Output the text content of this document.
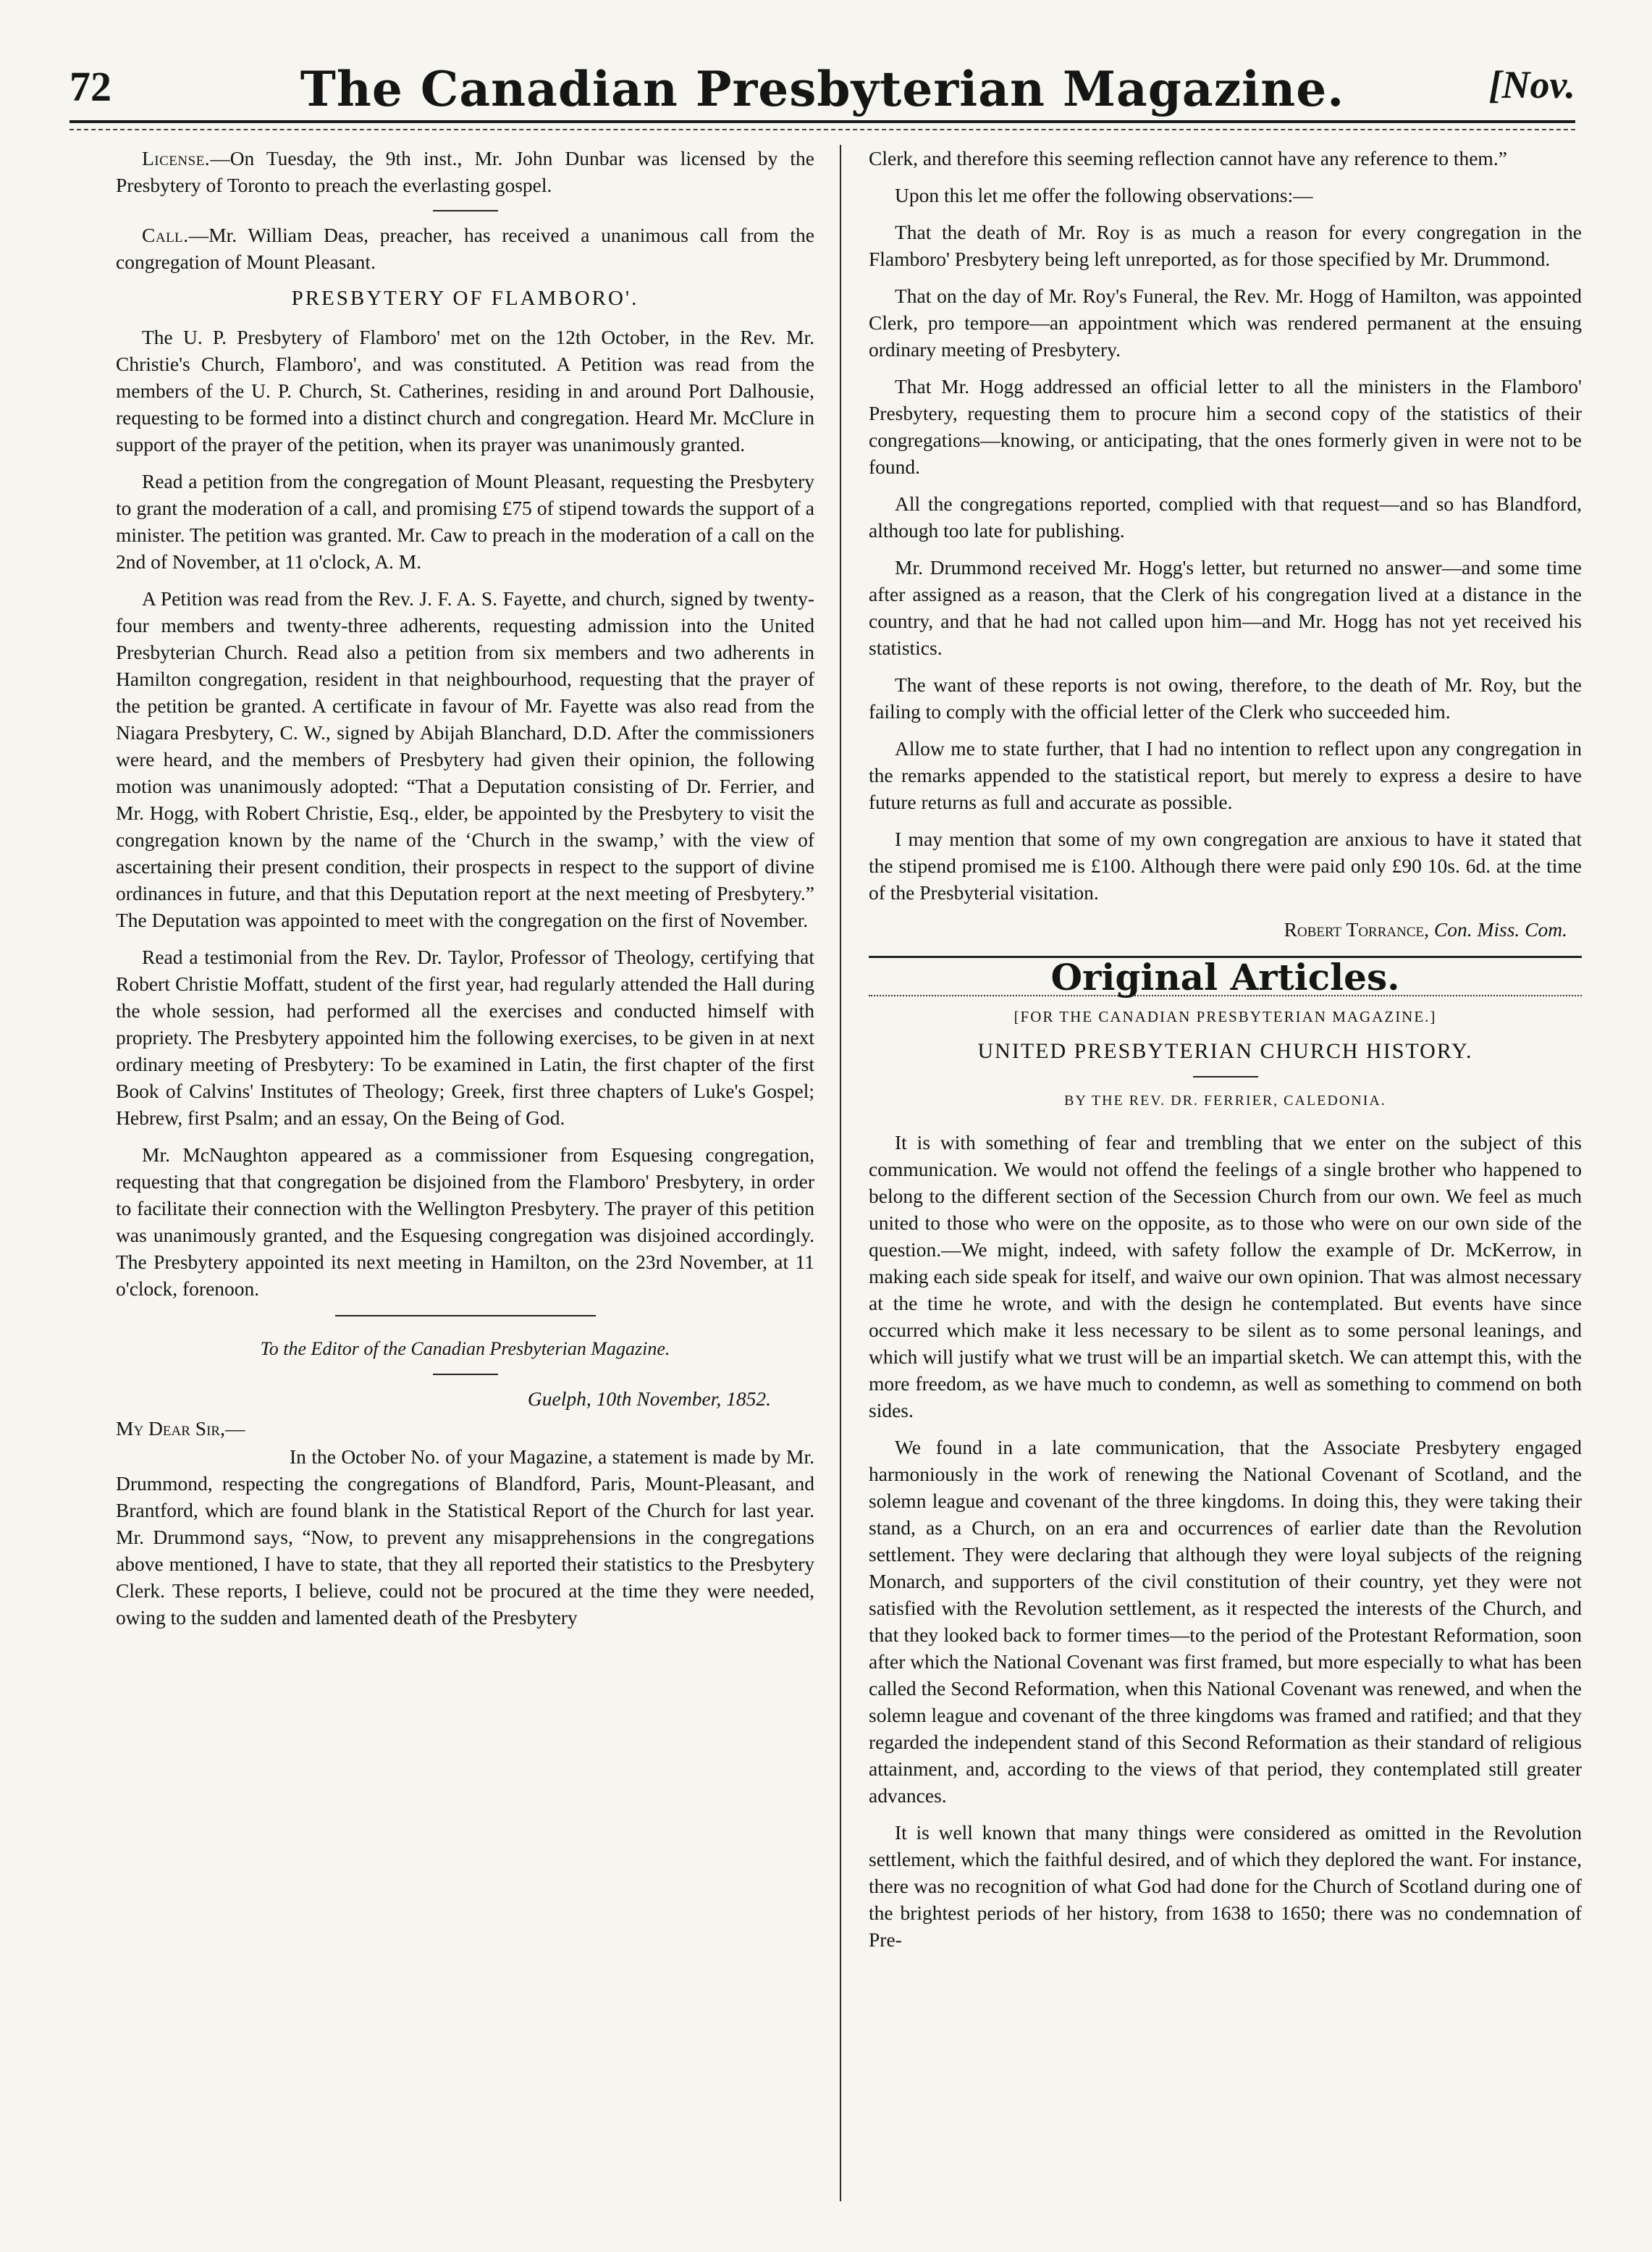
72	The Canadian Presbyterian Magazine.	[Nov.

License.—On Tuesday, the 9th inst., Mr. John Dunbar was licensed by the Presbytery of Toronto to preach the everlasting gospel.

Call.—Mr. William Deas, preacher, has received a unanimous call from the congregation of Mount Pleasant.

PRESBYTERY OF FLAMBORO'.

The U. P. Presbytery of Flamboro' met on the 12th October, in the Rev. Mr. Christie's Church, Flamboro', and was constituted. A Petition was read from the members of the U. P. Church, St. Catherines, residing in and around Port Dalhousie, requesting to be formed into a distinct church and congregation. Heard Mr. McClure in support of the prayer of the petition, when its prayer was unanimously granted.

Read a petition from the congregation of Mount Pleasant, requesting the Presbytery to grant the moderation of a call, and promising £75 of stipend towards the support of a minister. The petition was granted. Mr. Caw to preach in the moderation of a call on the 2nd of November, at 11 o'clock, A. M.

A Petition was read from the Rev. J. F. A. S. Fayette, and church, signed by twenty-four members and twenty-three adherents, requesting admission into the United Presbyterian Church. Read also a petition from six members and two adherents in Hamilton congregation, resident in that neighbourhood, requesting that the prayer of the petition be granted. A certificate in favour of Mr. Fayette was also read from the Niagara Presbytery, C. W., signed by Abijah Blanchard, D.D. After the commissioners were heard, and the members of Presbytery had given their opinion, the following motion was unanimously adopted: “That a Deputation consisting of Dr. Ferrier, and Mr. Hogg, with Robert Christie, Esq., elder, be appointed by the Presbytery to visit the congregation known by the name of the ‘Church in the swamp,’ with the view of ascertaining their present condition, their prospects in respect to the support of divine ordinances in future, and that this Deputation report at the next meeting of Presbytery.” The Deputation was appointed to meet with the congregation on the first of November.

Read a testimonial from the Rev. Dr. Taylor, Professor of Theology, certifying that Robert Christie Moffatt, student of the first year, had regularly attended the Hall during the whole session, had performed all the exercises and conducted himself with propriety. The Presbytery appointed him the following exercises, to be given in at next ordinary meeting of Presbytery: To be examined in Latin, the first chapter of the first Book of Calvins' Institutes of Theology; Greek, first three chapters of Luke's Gospel; Hebrew, first Psalm; and an essay, On the Being of God.

Mr. McNaughton appeared as a commissioner from Esquesing congregation, requesting that that congregation be disjoined from the Flamboro' Presbytery, in order to facilitate their connection with the Wellington Presbytery. The prayer of this petition was unanimously granted, and the Esquesing congregation was disjoined accordingly. The Presbytery appointed its next meeting in Hamilton, on the 23rd November, at 11 o'clock, forenoon.

To the Editor of the Canadian Presbyterian Magazine.
Guelph, 10th November, 1852.
My Dear Sir,—

In the October No. of your Magazine, a statement is made by Mr. Drummond, respecting the congregations of Blandford, Paris, Mount-Pleasant, and Brantford, which are found blank in the Statistical Report of the Church for last year. Mr. Drummond says, “Now, to prevent any misapprehensions in the congregations above mentioned, I have to state, that they all reported their statistics to the Presbytery Clerk. These reports, I believe, could not be procured at the time they were needed, owing to the sudden and lamented death of the Presbytery

Clerk, and therefore this seeming reflection cannot have any reference to them.”

Upon this let me offer the following observations:—

That the death of Mr. Roy is as much a reason for every congregation in the Flamboro' Presbytery being left unreported, as for those specified by Mr. Drummond.

That on the day of Mr. Roy's Funeral, the Rev. Mr. Hogg of Hamilton, was appointed Clerk, pro tempore—an appointment which was rendered permanent at the ensuing ordinary meeting of Presbytery.

That Mr. Hogg addressed an official letter to all the ministers in the Flamboro' Presbytery, requesting them to procure him a second copy of the statistics of their congregations—knowing, or anticipating, that the ones formerly given in were not to be found.

All the congregations reported, complied with that request—and so has Blandford, although too late for publishing.

Mr. Drummond received Mr. Hogg's letter, but returned no answer—and some time after assigned as a reason, that the Clerk of his congregation lived at a distance in the country, and that he had not called upon him—and Mr. Hogg has not yet received his statistics.

The want of these reports is not owing, therefore, to the death of Mr. Roy, but the failing to comply with the official letter of the Clerk who succeeded him.

Allow me to state further, that I had no intention to reflect upon any congregation in the remarks appended to the statistical report, but merely to express a desire to have future returns as full and accurate as possible.

I may mention that some of my own congregation are anxious to have it stated that the stipend promised me is £100. Although there were paid only £90 10s. 6d. at the time of the Presbyterial visitation.

Robert Torrance, Con. Miss. Com.
Original Articles.
[FOR THE CANADIAN PRESBYTERIAN MAGAZINE.]
UNITED PRESBYTERIAN CHURCH HISTORY.
BY THE REV. DR. FERRIER, CALEDONIA.

It is with something of fear and trembling that we enter on the subject of this communication. We would not offend the feelings of a single brother who happened to belong to the different section of the Secession Church from our own. We feel as much united to those who were on the opposite, as to those who were on our own side of the question.—We might, indeed, with safety follow the example of Dr. McKerrow, in making each side speak for itself, and waive our own opinion. That was almost necessary at the time he wrote, and with the design he contemplated. But events have since occurred which make it less necessary to be silent as to some personal leanings, and which will justify what we trust will be an impartial sketch. We can attempt this, with the more freedom, as we have much to condemn, as well as something to commend on both sides.

We found in a late communication, that the Associate Presbytery engaged harmoniously in the work of renewing the National Covenant of Scotland, and the solemn league and covenant of the three kingdoms. In doing this, they were taking their stand, as a Church, on an era and occurrences of earlier date than the Revolution settlement. They were declaring that although they were loyal subjects of the reigning Monarch, and supporters of the civil constitution of their country, yet they were not satisfied with the Revolution settlement, as it respected the interests of the Church, and that they looked back to former times—to the period of the Protestant Reformation, soon after which the National Covenant was first framed, but more especially to what has been called the Second Reformation, when this National Covenant was renewed, and when the solemn league and covenant of the three kingdoms was framed and ratified; and that they regarded the independent stand of this Second Reformation as their standard of religious attainment, and, according to the views of that period, they contemplated still greater advances.

It is well known that many things were considered as omitted in the Revolution settlement, which the faithful desired, and of which they deplored the want. For instance, there was no recognition of what God had done for the Church of Scotland during one of the brightest periods of her history, from 1638 to 1650; there was no condemnation of Pre-
